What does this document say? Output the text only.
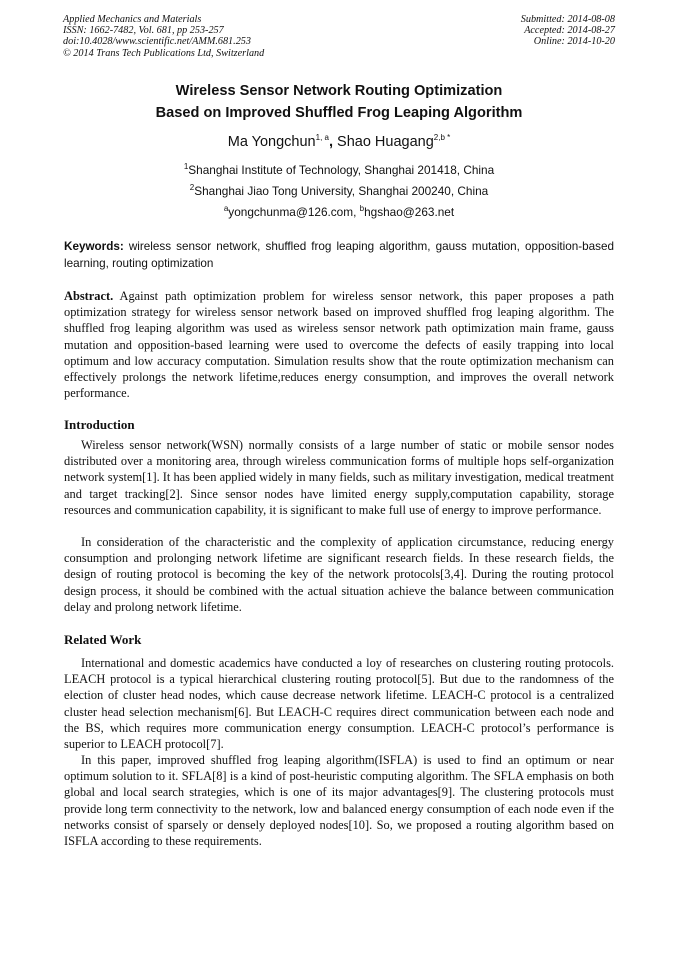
Applied Mechanics and Materials
ISSN: 1662-7482, Vol. 681, pp 253-257
doi:10.4028/www.scientific.net/AMM.681.253
© 2014 Trans Tech Publications Ltd, Switzerland
Submitted: 2014-08-08
Accepted: 2014-08-27
Online: 2014-10-20
Wireless Sensor Network Routing Optimization
Based on Improved Shuffled Frog Leaping Algorithm
Ma Yongchun$^{1, a}$, Shao Huagang$^{2,b *}$
$^1$Shanghai Institute of Technology, Shanghai 201418, China
$^2$Shanghai Jiao Tong University, Shanghai 200240, China
$^a$yongchunma@126.com, $^b$hgshao@263.net
Keywords: wireless sensor network, shuffled frog leaping algorithm, gauss mutation, opposition-based learning, routing optimization
Abstract. Against path optimization problem for wireless sensor network, this paper proposes a path optimization strategy for wireless sensor network based on improved shuffled frog leaping algorithm. The shuffled frog leaping algorithm was used as wireless sensor network path optimization main frame, gauss mutation and opposition-based learning were used to overcome the defects of easily trapping into local optimum and low accuracy computation. Simulation results show that the route optimization mechanism can effectively prolongs the network lifetime,reduces energy consumption, and improves the overall network performance.
Introduction
Wireless sensor network(WSN) normally consists of a large number of static or mobile sensor nodes distributed over a monitoring area, through wireless communication forms of multiple hops self-organization network system[1]. It has been applied widely in many fields, such as military investigation, medical treatment and target tracking[2]. Since sensor nodes have limited energy supply,computation capability, storage resources and communication capability, it is significant to make full use of energy to improve performance.
In consideration of the characteristic and the complexity of application circumstance, reducing energy consumption and prolonging network lifetime are significant research fields. In these research fields, the design of routing protocol is becoming the key of the network protocols[3,4]. During the routing protocol design process, it should be combined with the actual situation achieve the balance between communication delay and prolong network lifetime.
Related Work
International and domestic academics have conducted a loy of researches on clustering routing protocols. LEACH protocol is a typical hierarchical clustering routing protocol[5]. But due to the randomness of the election of cluster head nodes, which cause decrease network lifetime. LEACH-C protocol is a centralized cluster head selection mechanism[6]. But LEACH-C requires direct communication between each node and the BS, which requires more communication energy consumption. LEACH-C protocol’s performance is superior to LEACH protocol[7].
In this paper, improved shuffled frog leaping algorithm(ISFLA) is used to find an optimum or near optimum solution to it. SFLA[8] is a kind of post-heuristic computing algorithm. The SFLA emphasis on both global and local search strategies, which is one of its major advantages[9]. The clustering protocols must provide long term connectivity to the network, low and balanced energy consumption of each node even if the networks consist of sparsely or densely deployed nodes[10]. So, we proposed a routing algorithm based on ISFLA according to these requirements.
